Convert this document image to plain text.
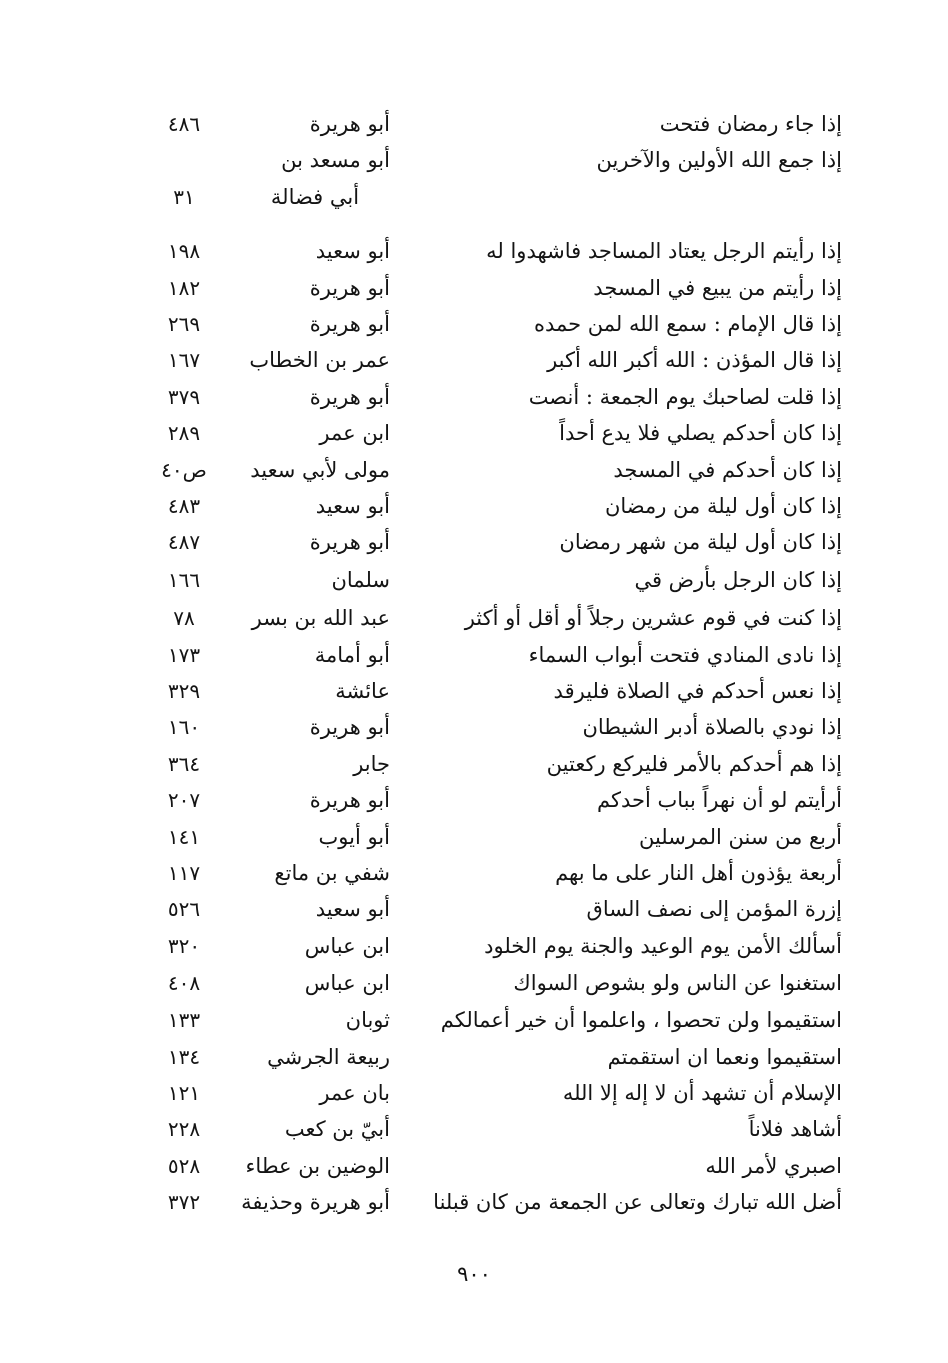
إذا جاء رمضان فتحت
أبو هريرة
٤٨٦
إذا جمع الله الأولين والآخرين
أبو مسعد بن
أبي فضالة
٣١
إذا رأيتم الرجل يعتاد المساجد فاشهدوا له
أبو سعيد
١٩٨
إذا رأيتم من يبيع في المسجد
أبو هريرة
١٨٢
إذا قال الإمام : سمع الله لمن حمده
أبو هريرة
٢٦٩
إذا قال المؤذن : الله أكبر الله أكبر
عمر بن الخطاب
١٦٧
إذا قلت لصاحبك يوم الجمعة : أنصت
أبو هريرة
٣٧٩
إذا كان أحدكم يصلي فلا يدع أحداً
ابن عمر
٢٨٩
إذا كان أحدكم في المسجد
مولى لأبي سعيد
ص٤٠
إذا كان أول ليلة من رمضان
أبو سعيد
٤٨٣
إذا كان أول ليلة من شهر رمضان
أبو هريرة
٤٨٧
إذا كان الرجل بأرض قي
سلمان
١٦٦
إذا كنت في قوم عشرين رجلاً أو أقل أو أكثر
عبد الله بن بسر
٧٨
إذا نادى المنادي فتحت أبواب السماء
أبو أمامة
١٧٣
إذا نعس أحدكم في الصلاة فليرقد
عائشة
٣٢٩
إذا نودي بالصلاة أدبر الشيطان
أبو هريرة
١٦٠
إذا هم أحدكم بالأمر فليركع ركعتين
جابر
٣٦٤
أرأيتم لو أن نهراً بباب أحدكم
أبو هريرة
٢٠٧
أربع من سنن المرسلين
أبو أيوب
١٤١
أربعة يؤذون أهل النار على ما بهم
شفي بن ماتع
١١٧
إزرة المؤمن إلى نصف الساق
أبو سعيد
٥٢٦
أسألك الأمن يوم الوعيد والجنة يوم الخلود
ابن عباس
٣٢٠
استغنوا عن الناس ولو بشوص السواك
ابن عباس
٤٠٨
استقيموا ولن تحصوا ، واعلموا أن خير أعمالكم
ثوبان
١٣٣
استقيموا ونعما ان استقمتم
ربيعة الجرشي
١٣٤
الإسلام أن تشهد أن لا إله إلا الله
بان عمر
١٢١
أشاهد فلاناً
أبيّ بن كعب
٢٢٨
اصبري لأمر الله
الوضين بن عطاء
٥٢٨
أضل الله تبارك وتعالى عن الجمعة من كان قبلنا
أبو هريرة وحذيفة
٣٧٢
٩٠٠
